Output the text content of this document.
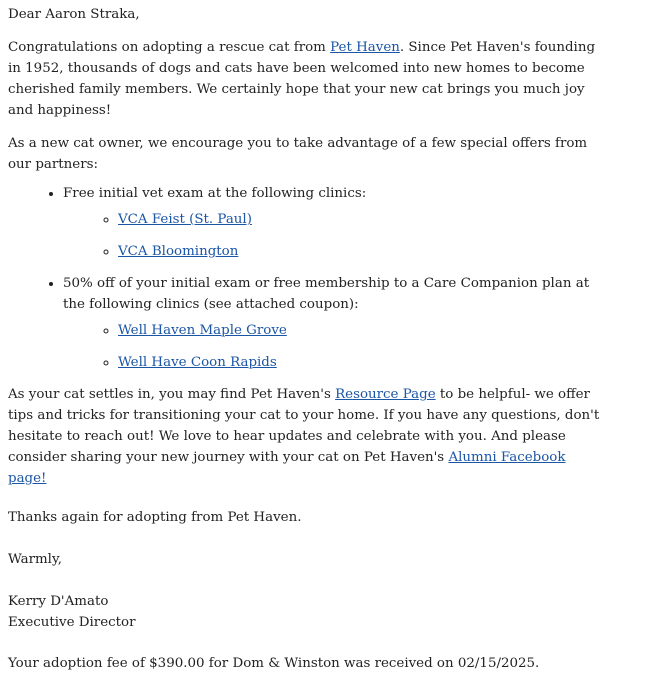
Dear Aaron Straka,

Congratulations on adopting a rescue cat from Pet Haven. Since Pet Haven's founding in 1952, thousands of dogs and cats have been welcomed into new homes to become cherished family members. We certainly hope that your new cat brings you much joy and happiness!

As a new cat owner, we encourage you to take advantage of a few special offers from our partners:

• Free initial vet exam at the following clinics:
◦ VCA Feist (St. Paul)
◦ VCA Bloomington
• 50% off of your initial exam or free membership to a Care Companion plan at the following clinics (see attached coupon):
◦ Well Haven Maple Grove
◦ Well Have Coon Rapids

As your cat settles in, you may find Pet Haven's Resource Page to be helpful- we offer tips and tricks for transitioning your cat to your home. If you have any questions, don't hesitate to reach out! We love to hear updates and celebrate with you. And please consider sharing your new journey with your cat on Pet Haven's Alumni Facebook page!

Thanks again for adopting from Pet Haven.

Warmly,

Kerry D'Amato
Executive Director

Your adoption fee of $390.00 for Dom & Winston was received on 02/15/2025.
